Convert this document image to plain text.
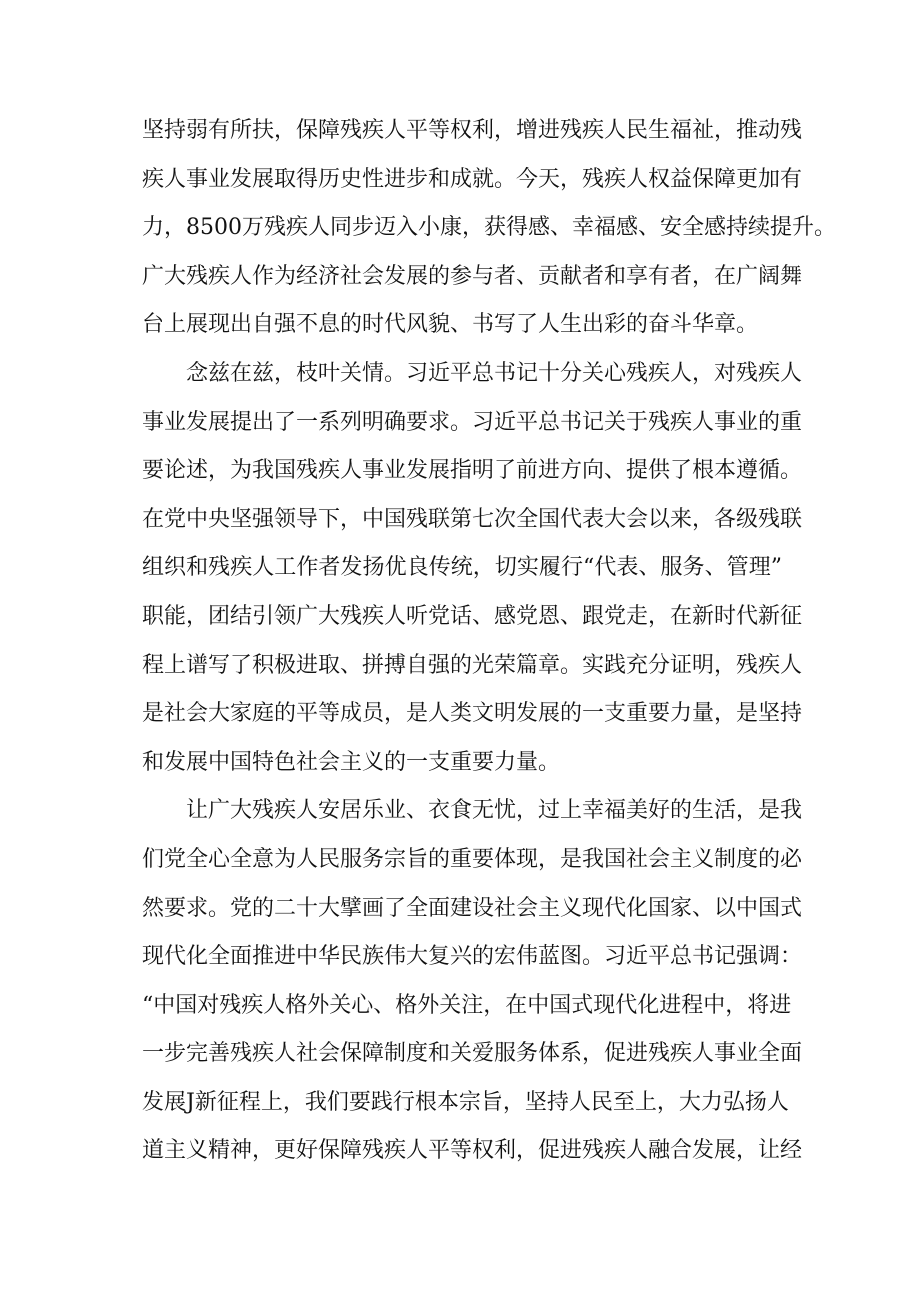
坚持弱有所扶，保障残疾人平等权利，增进残疾人民生福祉，推动残
疾人事业发展取得历史性进步和成就。今天，残疾人权益保障更加有
力，8500万残疾人同步迈入小康，获得感、幸福感、安全感持续提升。
广大残疾人作为经济社会发展的参与者、贡献者和享有者，在广阔舞
台上展现出自强不息的时代风貌、书写了人生出彩的奋斗华章。

念兹在兹，枝叶关情。习近平总书记十分关心残疾人，对残疾人
事业发展提出了一系列明确要求。习近平总书记关于残疾人事业的重
要论述，为我国残疾人事业发展指明了前进方向、提供了根本遵循。
在党中央坚强领导下，中国残联第七次全国代表大会以来，各级残联
组织和残疾人工作者发扬优良传统，切实履行“代表、服务、管理”
职能，团结引领广大残疾人听党话、感党恩、跟党走，在新时代新征
程上谱写了积极进取、拼搏自强的光荣篇章。实践充分证明，残疾人
是社会大家庭的平等成员，是人类文明发展的一支重要力量，是坚持
和发展中国特色社会主义的一支重要力量。

让广大残疾人安居乐业、衣食无忧，过上幸福美好的生活，是我
们党全心全意为人民服务宗旨的重要体现，是我国社会主义制度的必
然要求。党的二十大擘画了全面建设社会主义现代化国家、以中国式
现代化全面推进中华民族伟大复兴的宏伟蓝图。习近平总书记强调：
“中国对残疾人格外关心、格外关注，在中国式现代化进程中，将进
一步完善残疾人社会保障制度和关爱服务体系，促进残疾人事业全面
发展J新征程上，我们要践行根本宗旨，坚持人民至上，大力弘扬人
道主义精神，更好保障残疾人平等权利，促进残疾人融合发展，让经
